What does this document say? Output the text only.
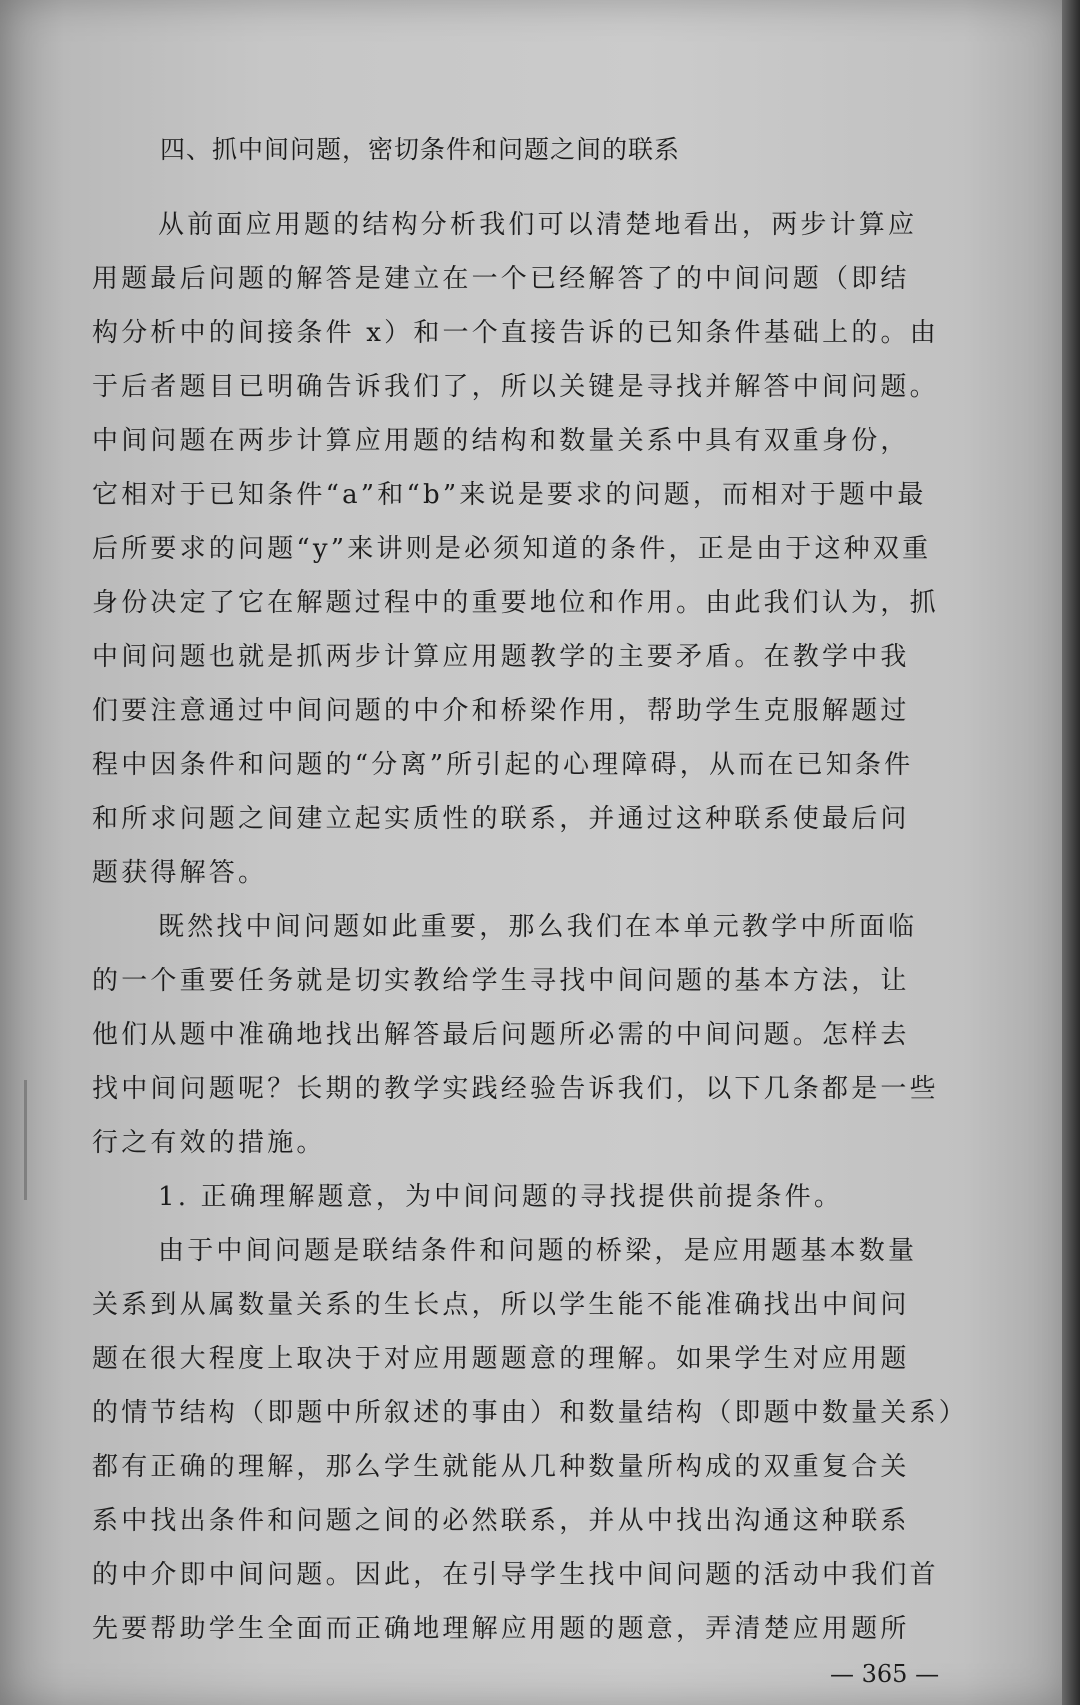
四、抓中间问题，密切条件和问题之间的联系
从前面应用题的结构分析我们可以清楚地看出，两步计算应
用题最后问题的解答是建立在一个已经解答了的中间问题（即结
构分析中的间接条件 x）和一个直接告诉的已知条件基础上的。由
于后者题目已明确告诉我们了，所以关键是寻找并解答中间问题。
中间问题在两步计算应用题的结构和数量关系中具有双重身份，
它相对于已知条件“a”和“b”来说是要求的问题，而相对于题中最
后所要求的问题“y”来讲则是必须知道的条件，正是由于这种双重
身份决定了它在解题过程中的重要地位和作用。由此我们认为，抓
中间问题也就是抓两步计算应用题教学的主要矛盾。在教学中我
们要注意通过中间问题的中介和桥梁作用，帮助学生克服解题过
程中因条件和问题的“分离”所引起的心理障碍，从而在已知条件
和所求问题之间建立起实质性的联系，并通过这种联系使最后问
题获得解答。
既然找中间问题如此重要，那么我们在本单元教学中所面临
的一个重要任务就是切实教给学生寻找中间问题的基本方法，让
他们从题中准确地找出解答最后问题所必需的中间问题。怎样去
找中间问题呢？长期的教学实践经验告诉我们，以下几条都是一些
行之有效的措施。
1. 正确理解题意，为中间问题的寻找提供前提条件。
由于中间问题是联结条件和问题的桥梁，是应用题基本数量
关系到从属数量关系的生长点，所以学生能不能准确找出中间问
题在很大程度上取决于对应用题题意的理解。如果学生对应用题
的情节结构（即题中所叙述的事由）和数量结构（即题中数量关系）
都有正确的理解，那么学生就能从几种数量所构成的双重复合关
系中找出条件和问题之间的必然联系，并从中找出沟通这种联系
的中介即中间问题。因此，在引导学生找中间问题的活动中我们首
先要帮助学生全面而正确地理解应用题的题意，弄清楚应用题所
— 365 —
